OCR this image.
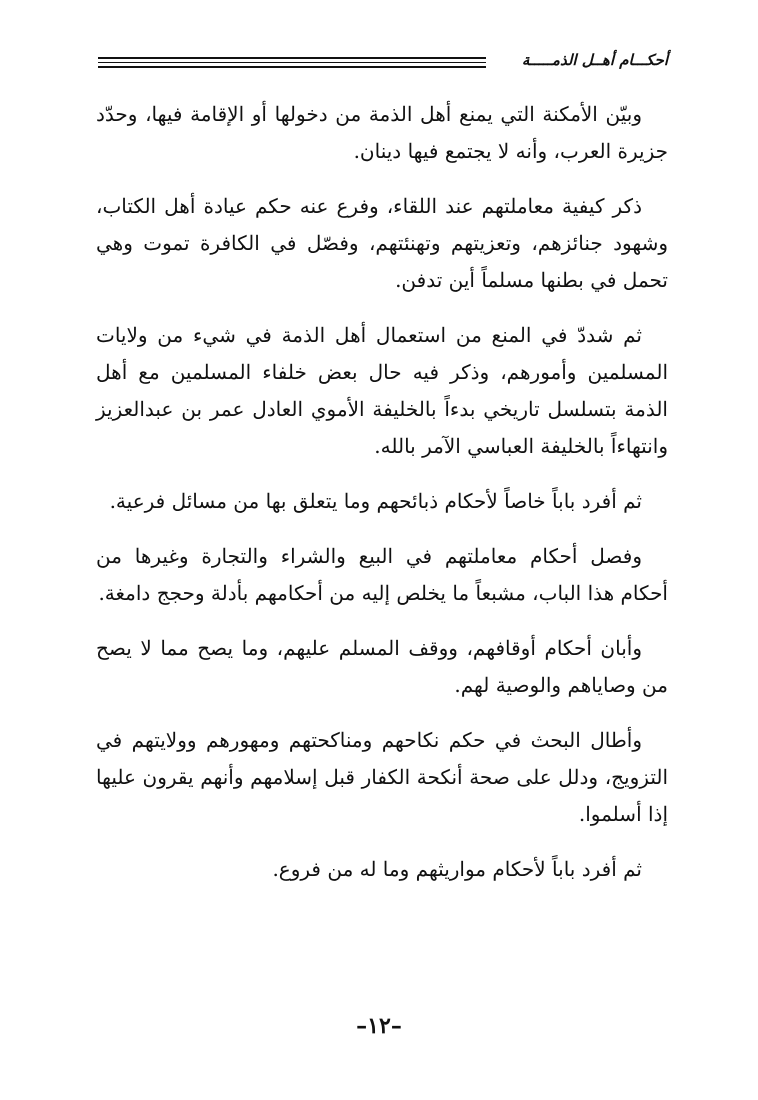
أحكـــام أهــل الذمـــــة

وبيّن الأمكنة التي يمنع أهل الذمة من دخولها أو الإقامة فيها، وحدّد جزيرة العرب، وأنه لا يجتمع فيها دينان.

ذكر كيفية معاملتهم عند اللقاء، وفرع عنه حكم عيادة أهل الكتاب، وشهود جنائزهم، وتعزيتهم وتهنئتهم، وفصّل في الكافرة تموت وهي تحمل في بطنها مسلماً أين تدفن.

ثم شددّ في المنع من استعمال أهل الذمة في شيء من ولايات المسلمين وأمورهم، وذكر فيه حال بعض خلفاء المسلمين مع أهل الذمة بتسلسل تاريخي بدءاً بالخليفة الأموي العادل عمر بن عبدالعزيز وانتهاءاً بالخليفة العباسي الآمر بالله.

ثم أفرد باباً خاصاً لأحكام ذبائحهم وما يتعلق بها من مسائل فرعية.

وفصل أحكام معاملتهم في البيع والشراء والتجارة وغيرها من أحكام هذا الباب، مشبعاً ما يخلص إليه من أحكامهم بأدلة وحجج دامغة.

وأبان أحكام أوقافهم، ووقف المسلم عليهم، وما يصح مما لا يصح من وصاياهم والوصية لهم.

وأطال البحث في حكم نكاحهم ومناكحتهم ومهورهم وولايتهم في التزويج، ودلل على صحة أنكحة الكفار قبل إسلامهم وأنهم يقرون عليها إذا أسلموا.

ثم أفرد باباً لأحكام مواريثهم وما له من فروع.

–١٢–
